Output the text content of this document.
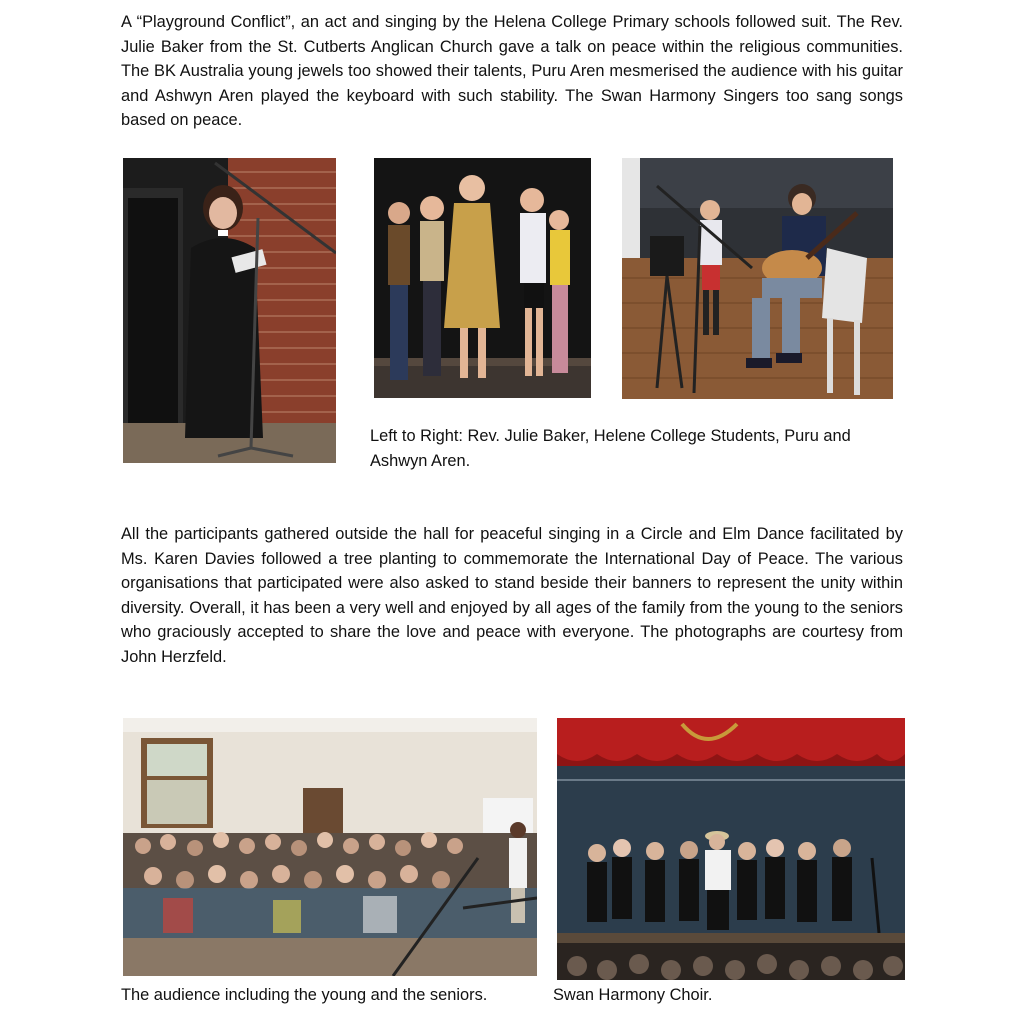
A “Playground Conflict”, an act and singing by the Helena College Primary schools followed suit. The Rev. Julie Baker from the St. Cutberts Anglican Church gave a talk on peace within the religious communities. The BK Australia young jewels too showed their talents, Puru Aren mesmerised the audience with his guitar and Ashwyn Aren played the keyboard with such stability. The Swan Harmony Singers too sang songs based on peace.

Left to Right: Rev. Julie Baker, Helene College Students, Puru and Ashwyn Aren.

All the participants gathered outside the hall for peaceful singing in a Circle and Elm Dance facilitated by Ms. Karen Davies followed a tree planting to commemorate the International Day of Peace. The various organisations that participated were also asked to stand beside their banners to represent the unity within diversity. Overall, it has been a very well and enjoyed by all ages of the family from the young to the seniors who graciously accepted to share the love and peace with everyone. The photographs are courtesy from John Herzfeld.

The audience including the young and the seniors.	Swan Harmony Choir.
